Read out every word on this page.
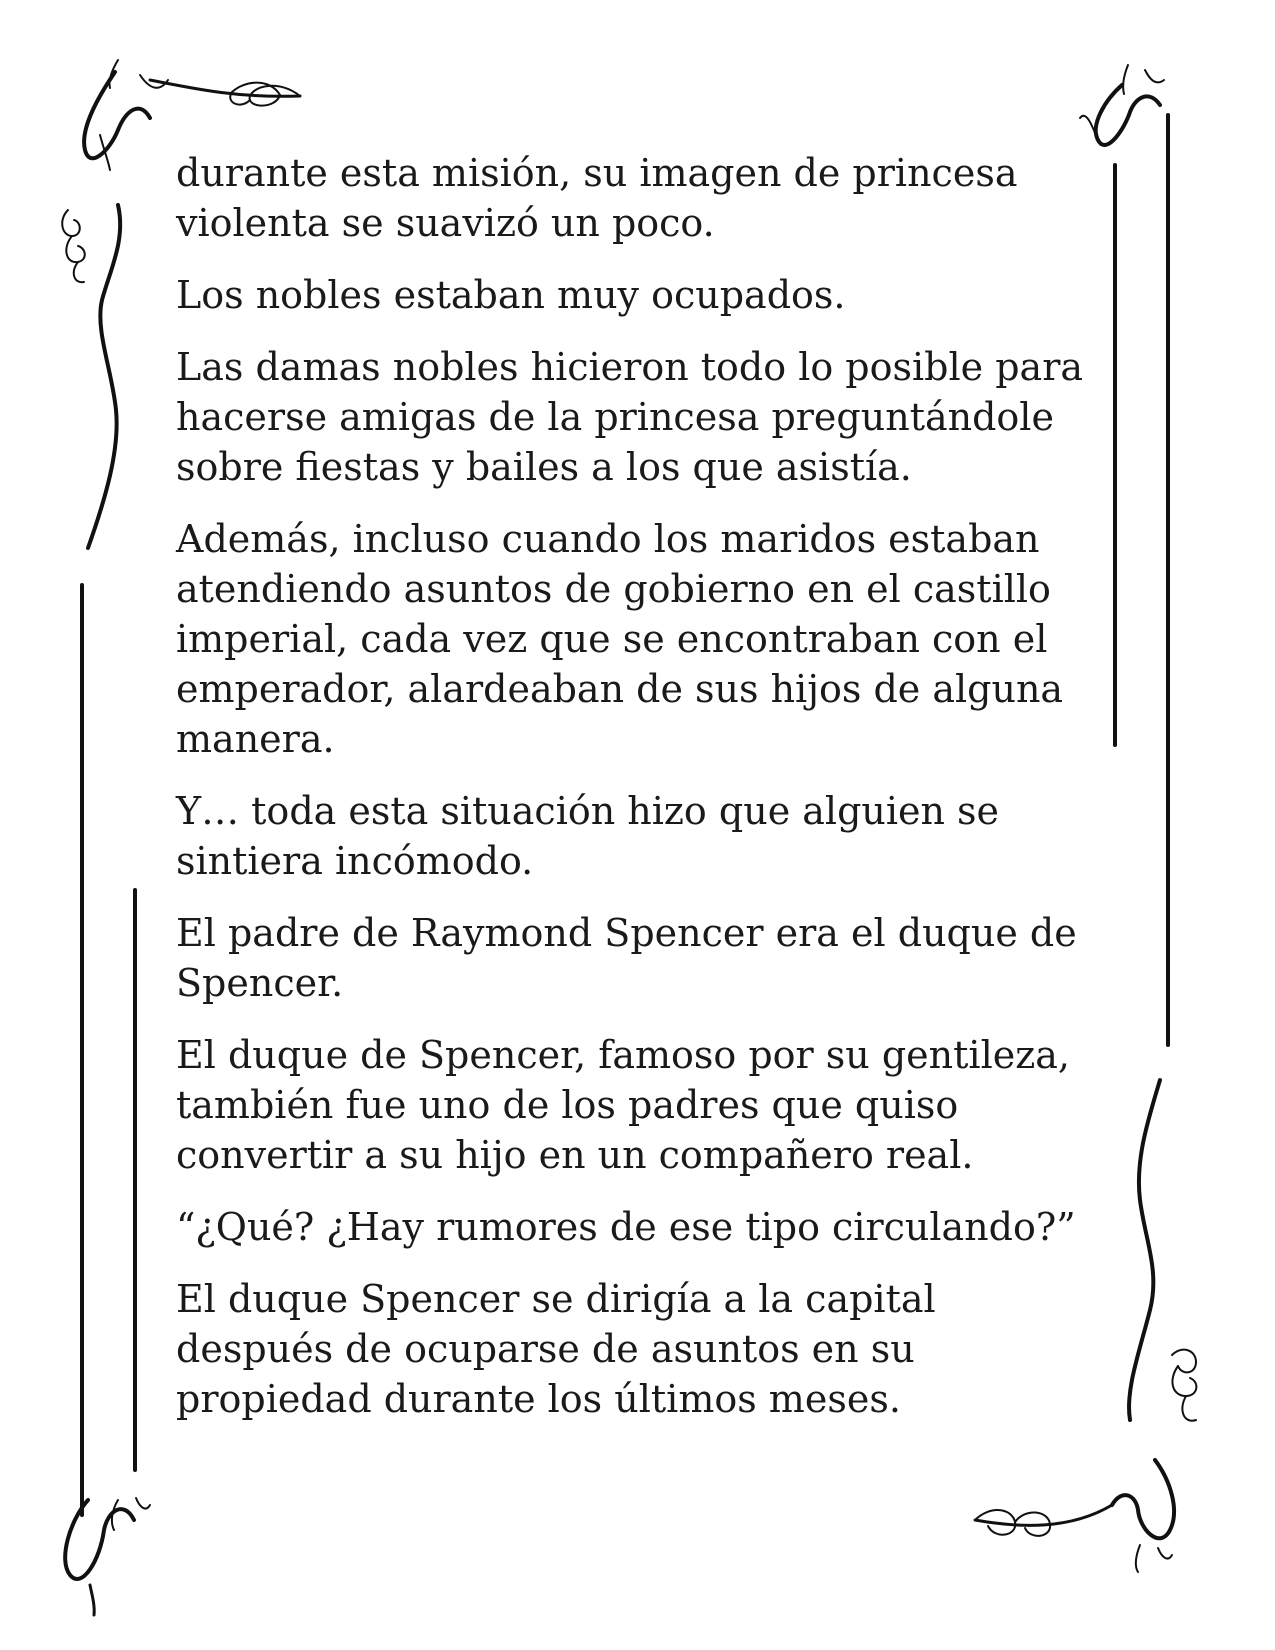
durante esta misión, su imagen de princesa violenta se suavizó un poco.

Los nobles estaban muy ocupados.

Las damas nobles hicieron todo lo posible para hacerse amigas de la princesa preguntándole sobre fiestas y bailes a los que asistía.

Además, incluso cuando los maridos estaban atendiendo asuntos de gobierno en el castillo imperial, cada vez que se encontraban con el emperador, alardeaban de sus hijos de alguna manera.

Y… toda esta situación hizo que alguien se sintiera incómodo.

El padre de Raymond Spencer era el duque de Spencer.

El duque de Spencer, famoso por su gentileza, también fue uno de los padres que quiso convertir a su hijo en un compañero real.

“¿Qué? ¿Hay rumores de ese tipo circulando?”

El duque Spencer se dirigía a la capital después de ocuparse de asuntos en su propiedad durante los últimos meses.
